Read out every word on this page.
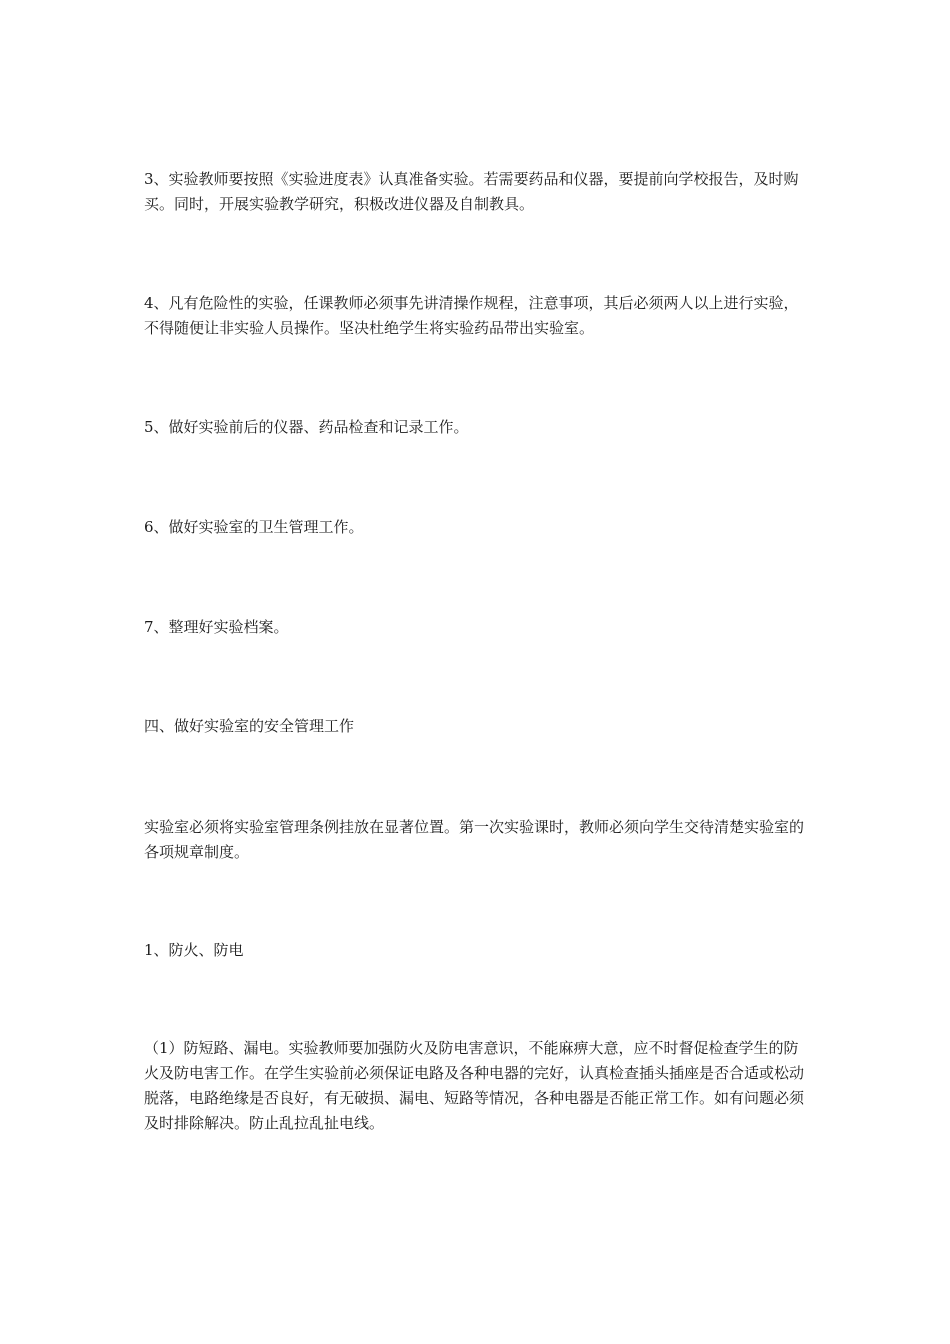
3、实验教师要按照《实验进度表》认真准备实验。若需要药品和仪器，要提前向学校报告，及时购买。同时，开展实验教学研究，积极改进仪器及自制教具。

4、凡有危险性的实验，任课教师必须事先讲清操作规程，注意事项，其后必须两人以上进行实验，不得随便让非实验人员操作。坚决杜绝学生将实验药品带出实验室。

5、做好实验前后的仪器、药品检查和记录工作。

6、做好实验室的卫生管理工作。

7、整理好实验档案。

四、做好实验室的安全管理工作

实验室必须将实验室管理条例挂放在显著位置。第一次实验课时，教师必须向学生交待清楚实验室的各项规章制度。

1、防火、防电

（1）防短路、漏电。实验教师要加强防火及防电害意识，不能麻痹大意，应不时督促检查学生的防火及防电害工作。在学生实验前必须保证电路及各种电器的完好，认真检查插头插座是否合适或松动脱落，电路绝缘是否良好，有无破损、漏电、短路等情况，各种电器是否能正常工作。如有问题必须及时排除解决。防止乱拉乱扯电线。
